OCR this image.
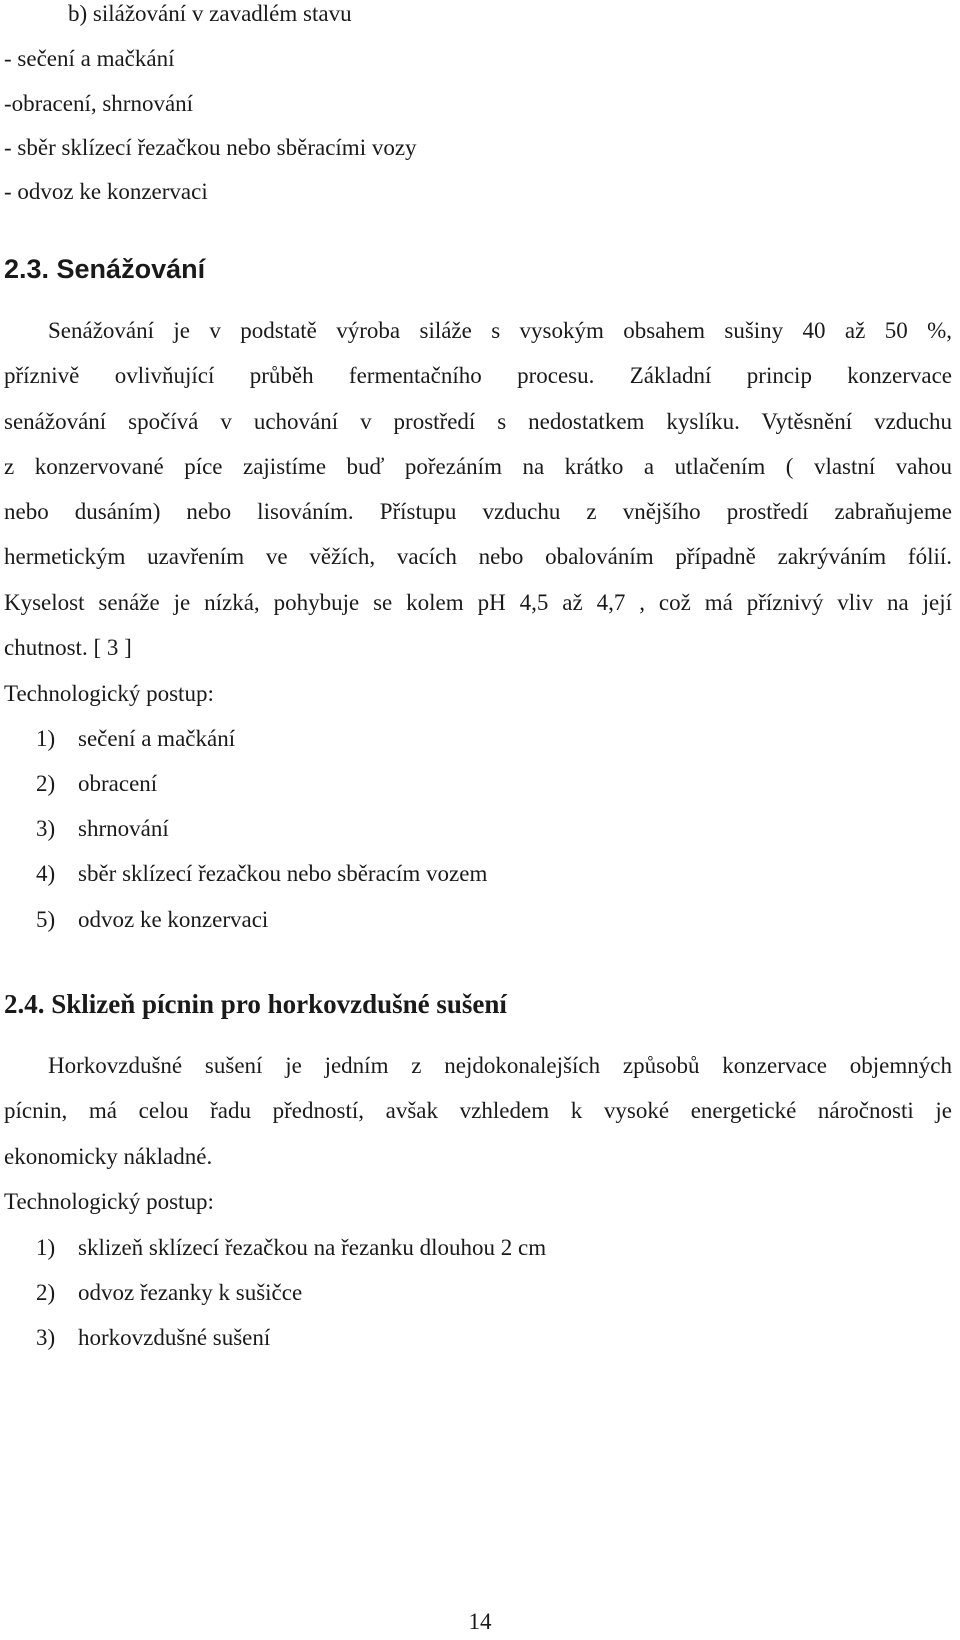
b) silážování v zavadlém stavu
- sečení a mačkání
-obracení, shrnování
- sběr sklízecí řezačkou nebo sběracími vozy
- odvoz ke konzervaci
2.3. Senážování
Senážování je v podstatě výroba siláže s vysokým obsahem sušiny 40 až 50 %,
příznivě ovlivňující průběh fermentačního procesu. Základní princip konzervace
senážování spočívá v uchování v prostředí s nedostatkem kyslíku. Vytěsnění vzduchu
z konzervované píce zajistíme buď pořezáním na krátko a utlačením ( vlastní vahou
nebo dusáním) nebo lisováním. Přístupu vzduchu z vnějšího prostředí zabraňujeme
hermetickým uzavřením ve věžích, vacích nebo obalováním případně zakrýváním fólií.
Kyselost senáže je nízká, pohybuje se kolem pH 4,5 až 4,7 , což má příznivý vliv na její
chutnost. [ 3 ]
Technologický postup:
1) sečení a mačkání
2) obracení
3) shrnování
4) sběr sklízecí řezačkou nebo sběracím vozem
5) odvoz ke konzervaci
2.4. Sklizeň pícnin pro horkovzdušné sušení
Horkovzdušné sušení je jedním z nejdokonalejších způsobů konzervace objemných
pícnin, má celou řadu předností, avšak vzhledem k vysoké energetické náročnosti je
ekonomicky nákladné.
Technologický postup:
1) sklizeň sklízecí řezačkou na řezanku dlouhou 2 cm
2) odvoz řezanky k sušičce
3) horkovzdušné sušení
14
